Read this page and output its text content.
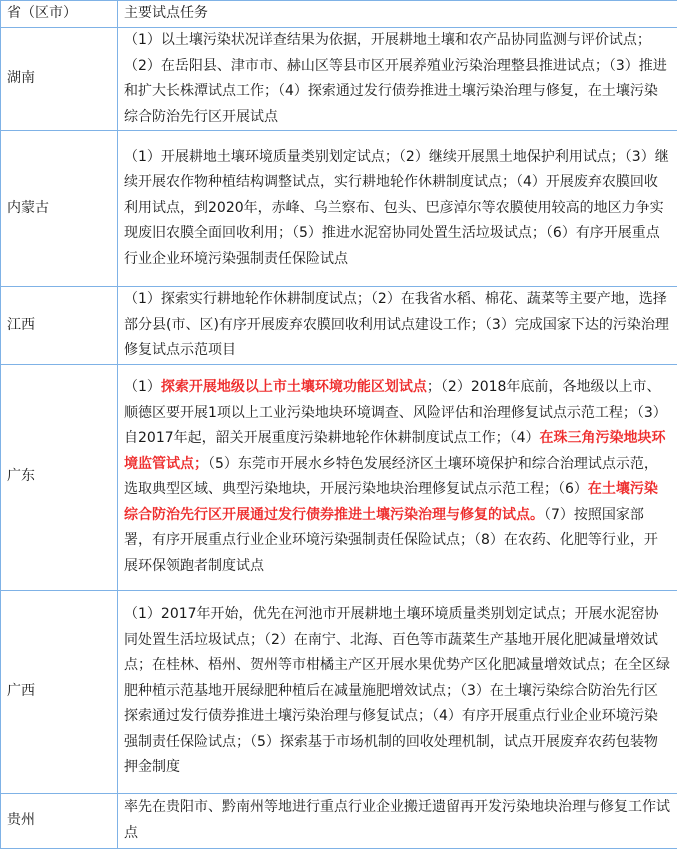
省（区市）	主要试点任务
湖南	（1）以土壤污染状况详查结果为依据，开展耕地土壤和农产品协同监测与评价试点；（2）在岳阳县、津市市、赫山区等县市区开展养殖业污染治理整县推进试点；（3）推进和扩大长株潭试点工作；（4）探索通过发行债券推进土壤污染治理与修复，在土壤污染综合防治先行区开展试点
内蒙古	（1）开展耕地土壤环境质量类别划定试点；（2）继续开展黑土地保护利用试点；（3）继续开展农作物种植结构调整试点，实行耕地轮作休耕制度试点；（4）开展废弃农膜回收利用试点，到2020年，赤峰、乌兰察布、包头、巴彦淖尔等农膜使用较高的地区力争实现废旧农膜全面回收利用；（5）推进水泥窑协同处置生活垃圾试点；（6）有序开展重点行业企业环境污染强制责任保险试点
江西	（1）探索实行耕地轮作休耕制度试点；（2）在我省水稻、棉花、蔬菜等主要产地，选择部分县(市、区)有序开展废弃农膜回收利用试点建设工作；（3）完成国家下达的污染治理修复试点示范项目
广东	（1）探索开展地级以上市土壤环境功能区划试点；（2）2018年底前，各地级以上市、顺德区要开展1项以上工业污染地块环境调查、风险评估和治理修复试点示范工程；（3）自2017年起，韶关开展重度污染耕地轮作休耕制度试点工作；（4）在珠三角污染地块环境监管试点；（5）东莞市开展水乡特色发展经济区土壤环境保护和综合治理试点示范，选取典型区域、典型污染地块，开展污染地块治理修复试点示范工程；（6）在土壤污染综合防治先行区开展通过发行债券推进土壤污染治理与修复的试点。（7）按照国家部署，有序开展重点行业企业环境污染强制责任保险试点；（8）在农药、化肥等行业，开展环保领跑者制度试点
广西	（1）2017年开始，优先在河池市开展耕地土壤环境质量类别划定试点；开展水泥窑协同处置生活垃圾试点；（2）在南宁、北海、百色等市蔬菜生产基地开展化肥减量增效试点；在桂林、梧州、贺州等市柑橘主产区开展水果优势产区化肥减量增效试点；在全区绿肥种植示范基地开展绿肥种植后在减量施肥增效试点；（3）在土壤污染综合防治先行区探索通过发行债券推进土壤污染治理与修复试点；（4）有序开展重点行业企业环境污染强制责任保险试点；（5）探索基于市场机制的回收处理机制，试点开展废弃农药包装物押金制度
贵州	率先在贵阳市、黔南州等地进行重点行业企业搬迁遗留再开发污染地块治理与修复工作试点
